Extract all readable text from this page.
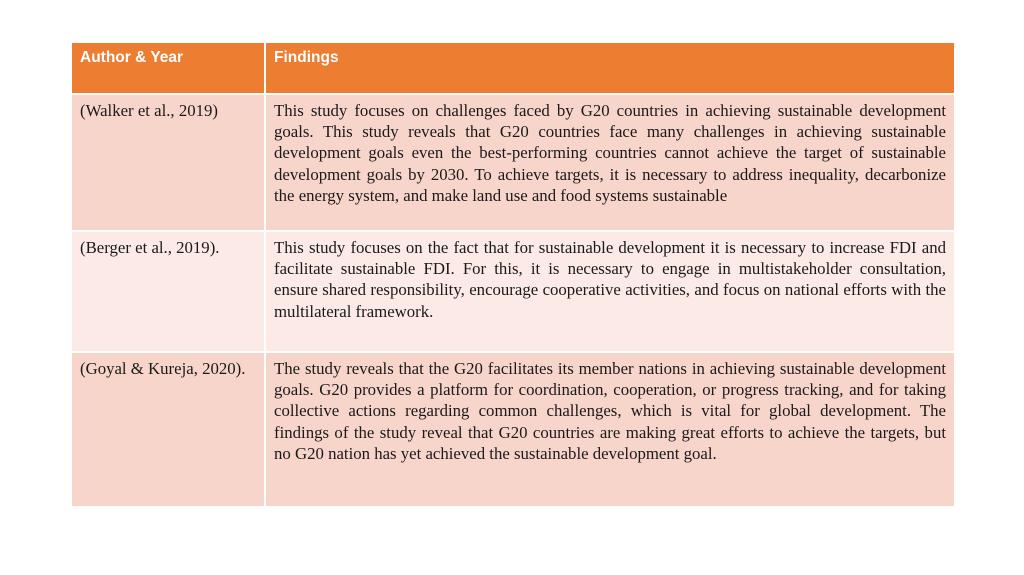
Author & Year	Findings

(Walker et al., 2019)	This study focuses on challenges faced by G20 countries in achieving sustainable development goals. This study reveals that G20 countries face many challenges in achieving sustainable development goals even the best-performing countries cannot achieve the target of sustainable development goals by 2030. To achieve targets, it is necessary to address inequality, decarbonize the energy system, and make land use and food systems sustainable

(Berger et al., 2019).	This study focuses on the fact that for sustainable development it is necessary to increase FDI and facilitate sustainable FDI. For this, it is necessary to engage in multistakeholder consultation, ensure shared responsibility, encourage cooperative activities, and focus on national efforts with the multilateral framework.

(Goyal & Kureja, 2020).	The study reveals that the G20 facilitates its member nations in achieving sustainable development goals. G20 provides a platform for coordination, cooperation, or progress tracking, and for taking collective actions regarding common challenges, which is vital for global development. The findings of the study reveal that G20 countries are making great efforts to achieve the targets, but no G20 nation has yet achieved the sustainable development goal.
